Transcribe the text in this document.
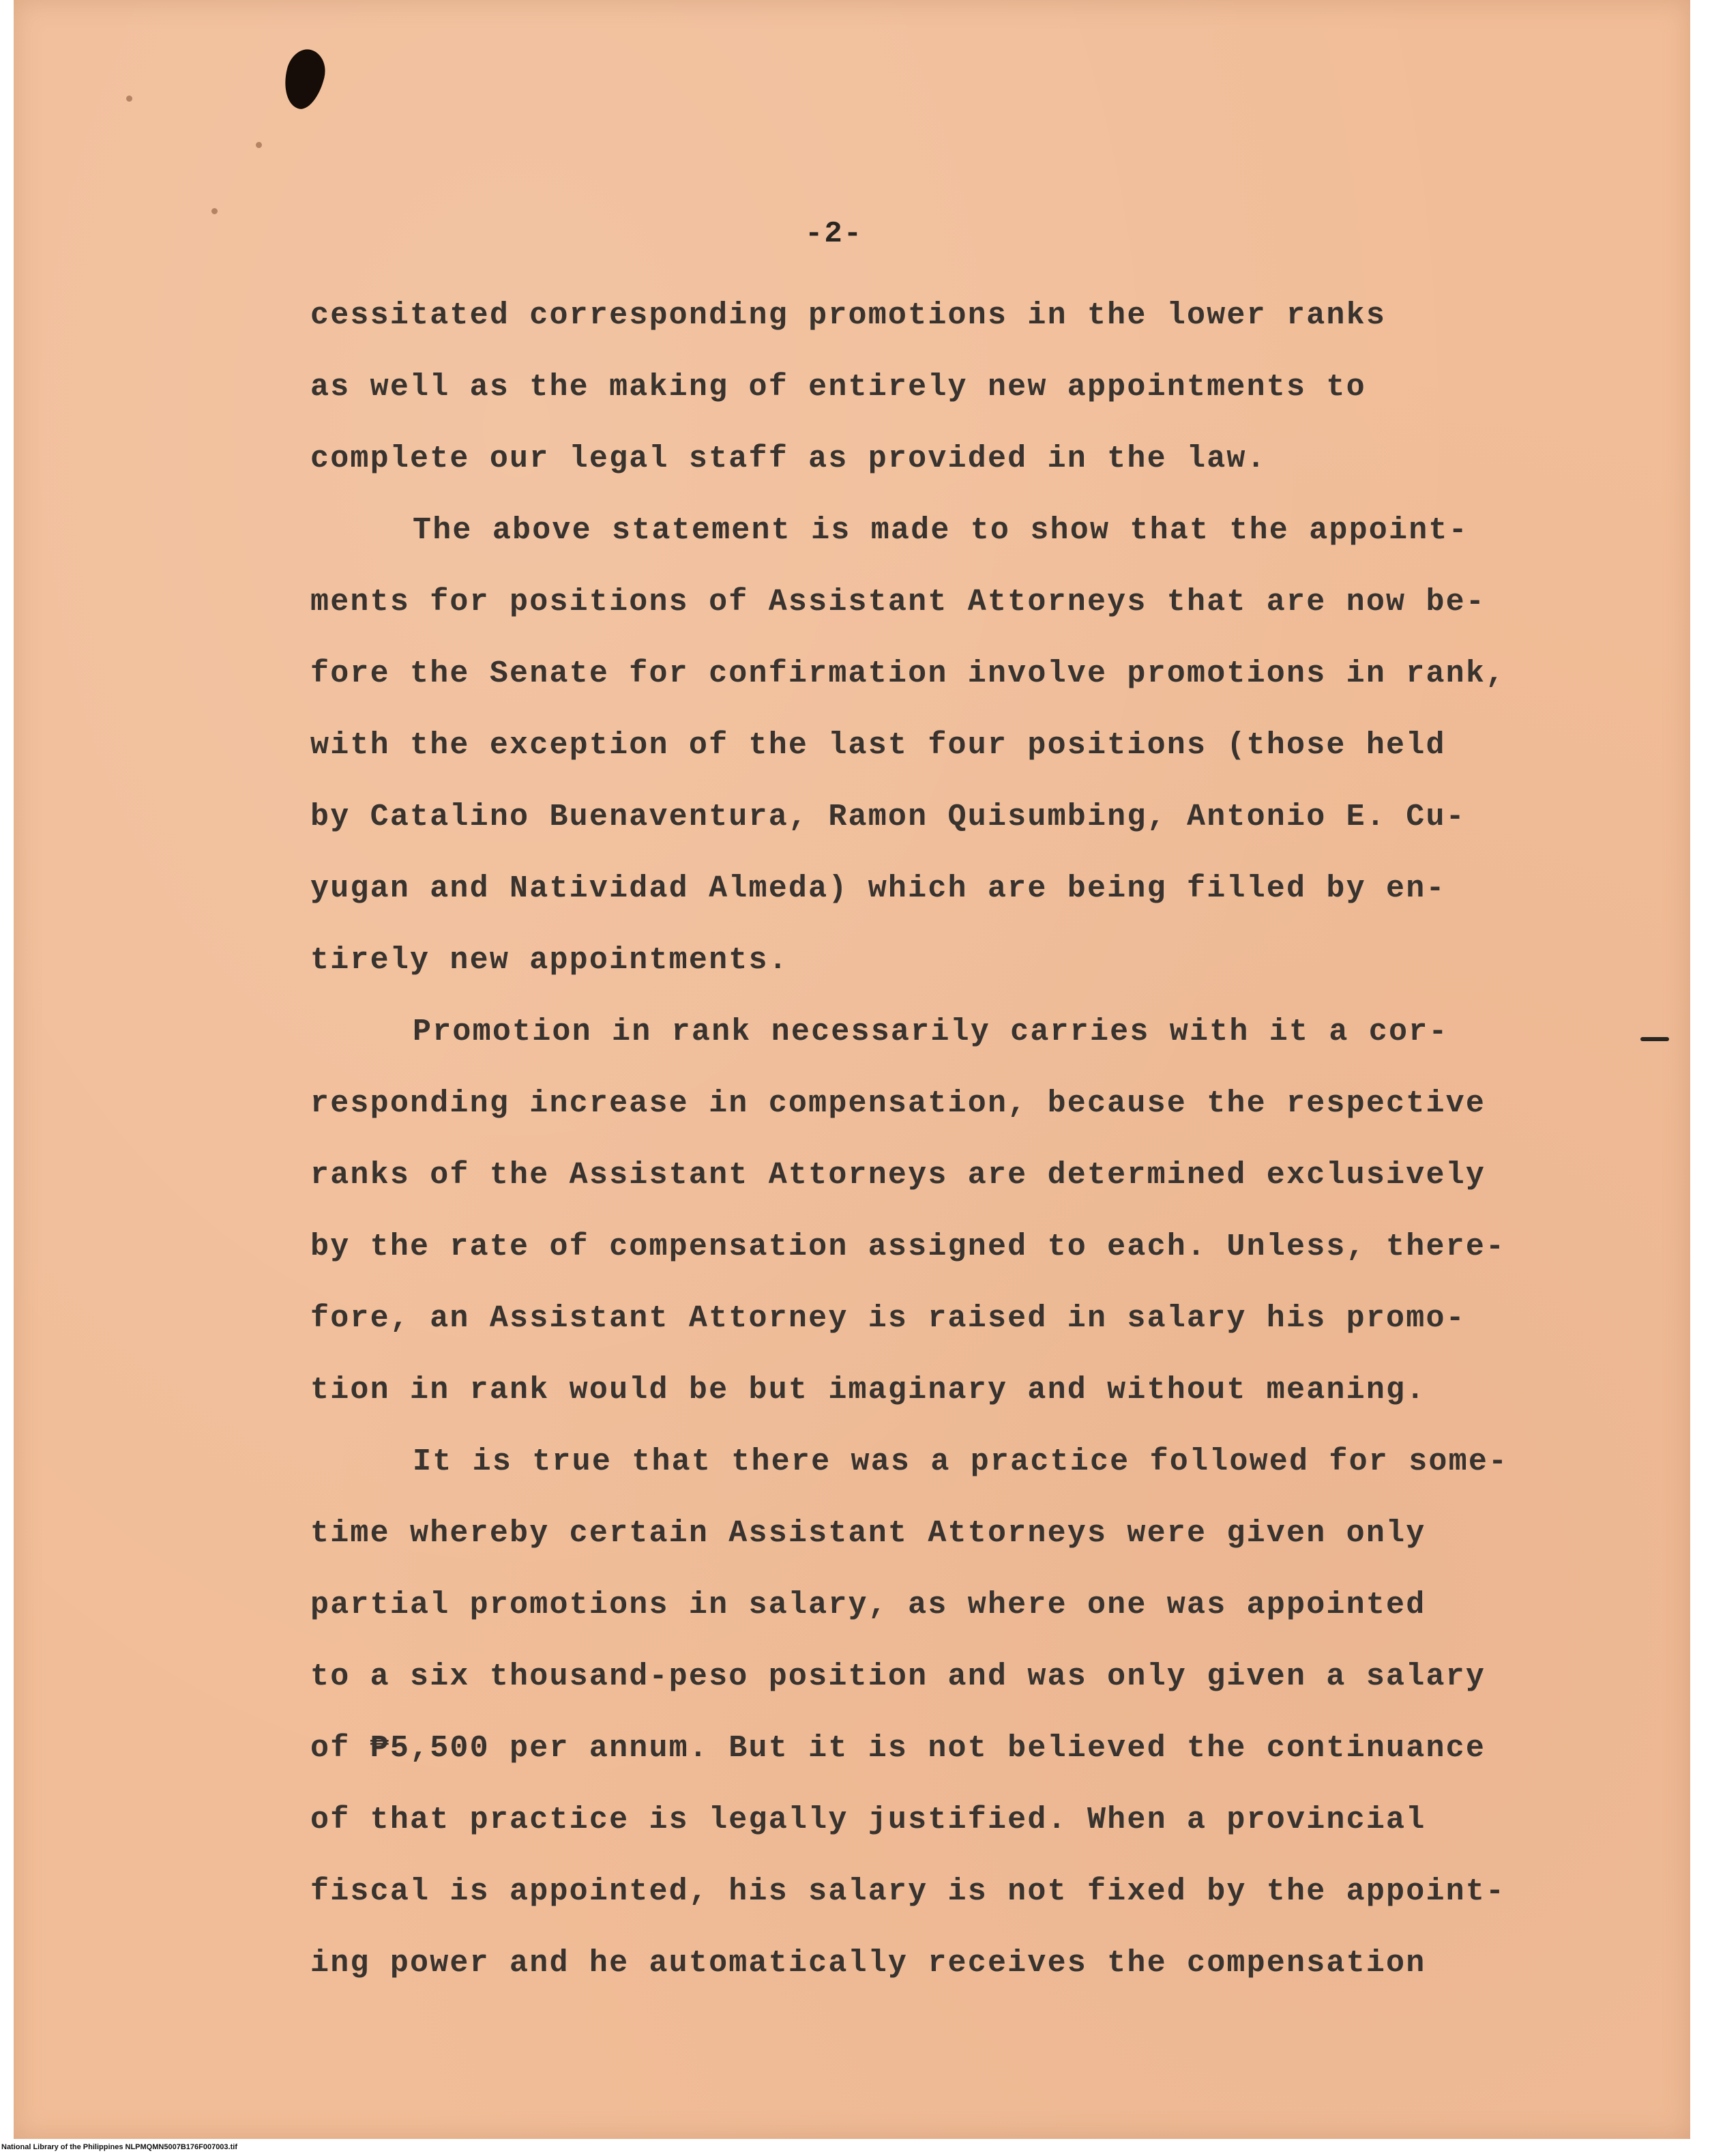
-2-
cessitated corresponding promotions in the lower ranks
as well as the making of entirely new appointments to
complete our legal staff as provided in the law.
The above statement is made to show that the appoint-
ments for positions of Assistant Attorneys that are now be-
fore the Senate for confirmation involve promotions in rank,
with the exception of the last four positions (those held
by Catalino Buenaventura, Ramon Quisumbing, Antonio E. Cu-
yugan and Natividad Almeda) which are being filled by en-
tirely new appointments.
Promotion in rank necessarily carries with it a cor-
responding increase in compensation, because the respective
ranks of the Assistant Attorneys are determined exclusively
by the rate of compensation assigned to each. Unless, there-
fore, an Assistant Attorney is raised in salary his promo-
tion in rank would be but imaginary and without meaning.
It is true that there was a practice followed for some-
time whereby certain Assistant Attorneys were given only
partial promotions in salary, as where one was appointed
to a six thousand-peso position and was only given a salary
of ₱5,500 per annum. But it is not believed the continuance
of that practice is legally justified. When a provincial
fiscal is appointed, his salary is not fixed by the appoint-
ing power and he automatically receives the compensation
National Library of the Philippines NLPMQMN5007B176F007003.tif
